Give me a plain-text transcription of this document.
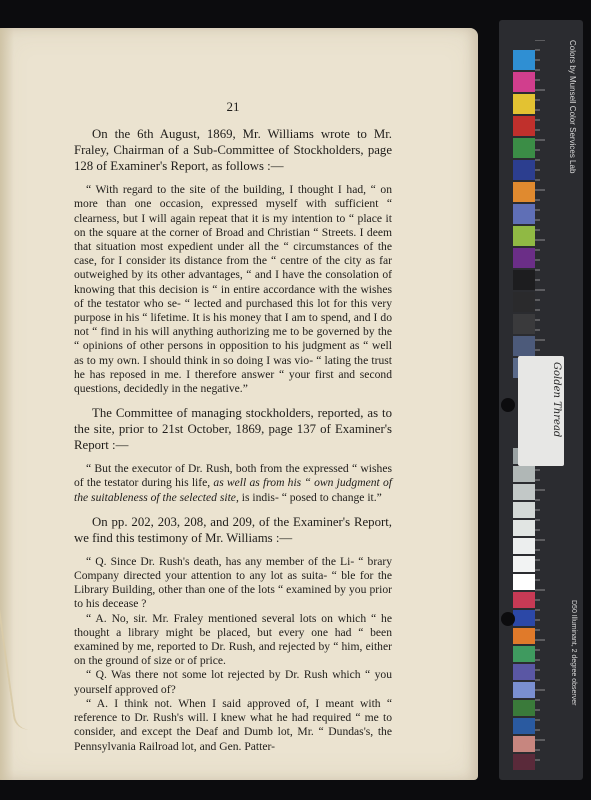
21

On the 6th August, 1869, Mr. Williams wrote to Mr. Fraley, Chairman of a Sub-Committee of Stockholders, page 128 of Examiner's Report, as follows :—

“ With regard to the site of the building, I thought I had, “ on more than one occasion, expressed myself with sufficient “ clearness, but I will again repeat that it is my intention to “ place it on the square at the corner of Broad and Christian “ Streets. I deem that situation most expedient under all the “ circumstances of the case, for I consider its distance from the “ centre of the city as far outweighed by its other advantages, “ and I have the consolation of knowing that this decision is “ in entire accordance with the wishes of the testator who se- “ lected and purchased this lot for this very purpose in his “ lifetime. It is his money that I am to spend, and I do not “ find in his will anything authorizing me to be governed by the “ opinions of other persons in opposition to his judgment as “ well as to my own. I should think in so doing I was vio- “ lating the trust he has reposed in me. I therefore answer “ your first and second questions, decidedly in the negative.”

The Committee of managing stockholders, reported, as to the site, prior to 21st October, 1869, page 137 of Examiner's Report :—

“ But the executor of Dr. Rush, both from the expressed “ wishes of the testator during his life, as well as from his “ own judgment of the suitableness of the selected site, is indis- “ posed to change it.”

On pp. 202, 203, 208, and 209, of the Examiner's Report, we find this testimony of Mr. Williams :—

“ Q. Since Dr. Rush's death, has any member of the Li- “ brary Company directed your attention to any lot as suita- “ ble for the Library Building, other than one of the lots “ examined by you prior to his decease ?

“ A. No, sir. Mr. Fraley mentioned several lots on which “ he thought a library might be placed, but every one had “ been examined by me, reported to Dr. Rush, and rejected by “ him, either on the ground of size or of price.

“ Q. Was there not some lot rejected by Dr. Rush which “ you yourself approved of?

“ A. I think not. When I said approved of, I meant with “ reference to Dr. Rush's will. I knew what he had required “ me to consider, and except the Deaf and Dumb lot, Mr. “ Dundas's, the Pennsylvania Railroad lot, and Gen. Patter-

Colors by Munsell Color Services Lab
D50 Illuminant, 2 degree observer
Golden Thread
